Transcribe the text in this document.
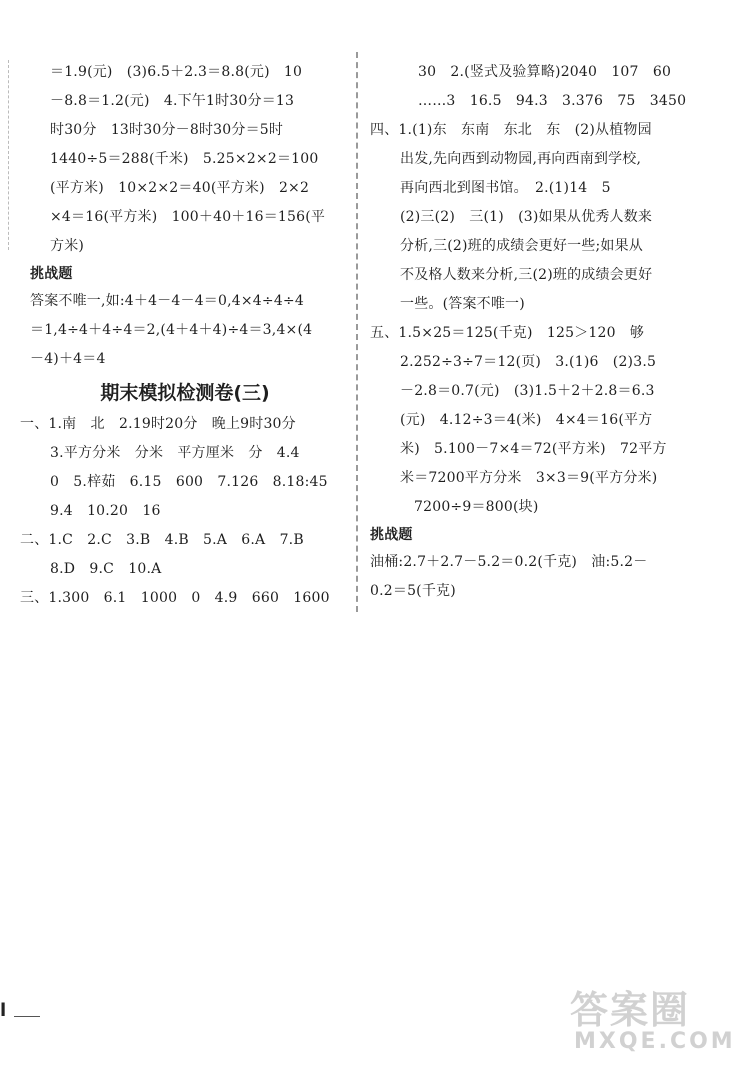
＝1.9(元)　(3)6.5＋2.3＝8.8(元)　10
－8.8＝1.2(元)　4.下午1时30分＝13
时30分　13时30分－8时30分＝5时
1440÷5＝288(千米)　5.25×2×2＝100
(平方米)　10×2×2＝40(平方米)　2×2
×4＝16(平方米)　100＋40＋16＝156(平
方米)
挑战题
答案不唯一,如:4＋4－4－4＝0,4×4÷4÷4
＝1,4÷4＋4÷4＝2,(4＋4＋4)÷4＝3,4×(4
－4)＋4＝4
期末模拟检测卷(三)
一、1.南　北　2.19时20分　晚上9时30分
3.平方分米　分米　平方厘米　分　4.4
0　5.梓茹　6.15　600　7.126　8.18:45
9.4　10.20　16
二、1.C　2.C　3.B　4.B　5.A　6.A　7.B
8.D　9.C　10.A
三、1.300　6.1　1000　0　4.9　660　1600
30　2.(竖式及验算略)2040　107　60
……3　16.5　94.3　3.376　75　3450
四、1.(1)东　东南　东北　东　(2)从植物园
出发,先向西到动物园,再向西南到学校,
再向西北到图书馆。　2.(1)14　5
(2)三(2)　三(1)　(3)如果从优秀人数来
分析,三(2)班的成绩会更好一些;如果从
不及格人数来分析,三(2)班的成绩会更好
一些。(答案不唯一)
五、1.5×25＝125(千克)　125＞120　够
2.252÷3÷7＝12(页)　3.(1)6　(2)3.5
－2.8＝0.7(元)　(3)1.5＋2＋2.8＝6.3
(元)　4.12÷3＝4(米)　4×4＝16(平方
米)　5.100－7×4＝72(平方米)　72平方
米＝7200平方分米　3×3＝9(平方分米)
7200÷9＝800(块)
挑战题
油桶:2.7＋2.7－5.2＝0.2(千克)　油:5.2－
0.2＝5(千克)
l	答案圈
MXQE.COM
